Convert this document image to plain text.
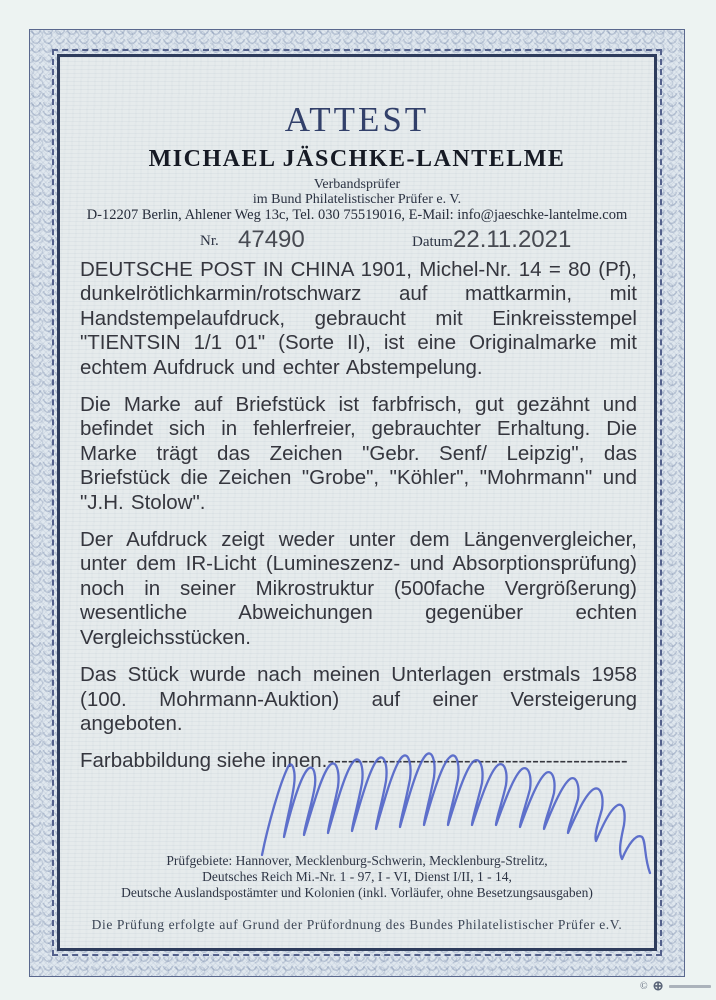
ATTEST
MICHAEL JÄSCHKE-LANTELME
Verbandsprüfer
im Bund Philatelistischer Prüfer e. V.
D-12207 Berlin, Ahlener Weg 13c, Tel. 030 75519016, E-Mail: info@jaeschke-lantelme.com
Nr. 47490	Datum 22.11.2021

DEUTSCHE POST IN CHINA 1901, Michel-Nr. 14 = 80 (Pf), dunkelrötlichkarmin/rotschwarz auf mattkarmin, mit Handstempelaufdruck, gebraucht mit Einkreisstempel "TIENTSIN 1/1 01" (Sorte II), ist eine Originalmarke mit echtem Aufdruck und echter Abstempelung.

Die Marke auf Briefstück ist farbfrisch, gut gezähnt und befindet sich in fehlerfreier, gebrauchter Erhaltung. Die Marke trägt das Zeichen "Gebr. Senf/ Leipzig", das Briefstück die Zeichen "Grobe", "Köhler", "Mohrmann" und "J.H. Stolow".

Der Aufdruck zeigt weder unter dem Längenvergleicher, unter dem IR-Licht (Lumineszenz- und Absorptionsprüfung) noch in seiner Mikrostruktur (500fache Vergrößerung) wesentliche Abweichungen gegenüber echten Vergleichsstücken.

Das Stück wurde nach meinen Unterlagen erstmals 1958 (100. Mohrmann-Auktion) auf einer Versteigerung angeboten.

Farbabbildung siehe innen.--------------------------------------------

Prüfgebiete: Hannover, Mecklenburg-Schwerin, Mecklenburg-Strelitz,
Deutsches Reich Mi.-Nr. 1 - 97, I - VI, Dienst I/II, 1 - 14,
Deutsche Auslandspostämter und Kolonien (inkl. Vorläufer, ohne Besetzungsausgaben)
Die Prüfung erfolgte auf Grund der Prüfordnung des Bundes Philatelistischer Prüfer e.V.
© ⊕
